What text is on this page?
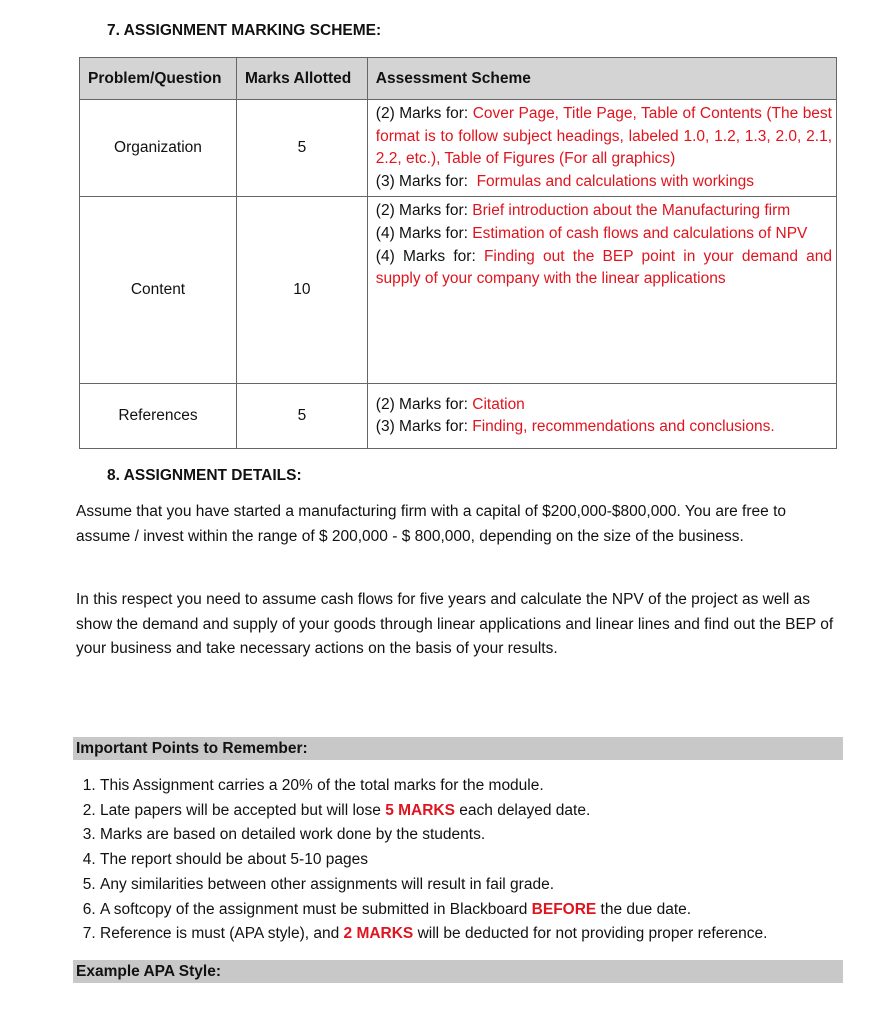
7. ASSIGNMENT MARKING SCHEME:
Problem/Question	Marks Allotted	Assessment Scheme
Organization	5	(2) Marks for: Cover Page, Title Page, Table of Contents (The best format is to follow subject headings, labeled 1.0, 1.2, 1.3, 2.0, 2.1, 2.2, etc.), Table of Figures (For all graphics)

(3) Marks for:  Formulas and calculations with workings

Content	10	(2) Marks for: Brief introduction about the Manufacturing firm

(4) Marks for: Estimation of cash flows and calculations of NPV

(4) Marks for: Finding out the BEP point in your demand and supply of your company with the linear applications

References	5	(2) Marks for: Citation

(3) Marks for: Finding, recommendations and conclusions.

8. ASSIGNMENT DETAILS:

Assume that you have started a manufacturing firm with a capital of $200,000-$800,000. You are free to assume / invest within the range of $ 200,000 - $ 800,000, depending on the size of the business.

In this respect you need to assume cash flows for five years and calculate the NPV of the project as well as show the demand and supply of your goods through linear applications and linear lines and find out the BEP of your business and take necessary actions on the basis of your results.

Important Points to Remember:
1. This Assignment carries a 20% of the total marks for the module.
2. Late papers will be accepted but will lose 5 MARKS each delayed date.
3. Marks are based on detailed work done by the students.
4. The report should be about 5-10 pages
5. Any similarities between other assignments will result in fail grade.
6. A softcopy of the assignment must be submitted in Blackboard BEFORE the due date.
7. Reference is must (APA style), and 2 MARKS will be deducted for not providing proper reference.
Example APA Style:
